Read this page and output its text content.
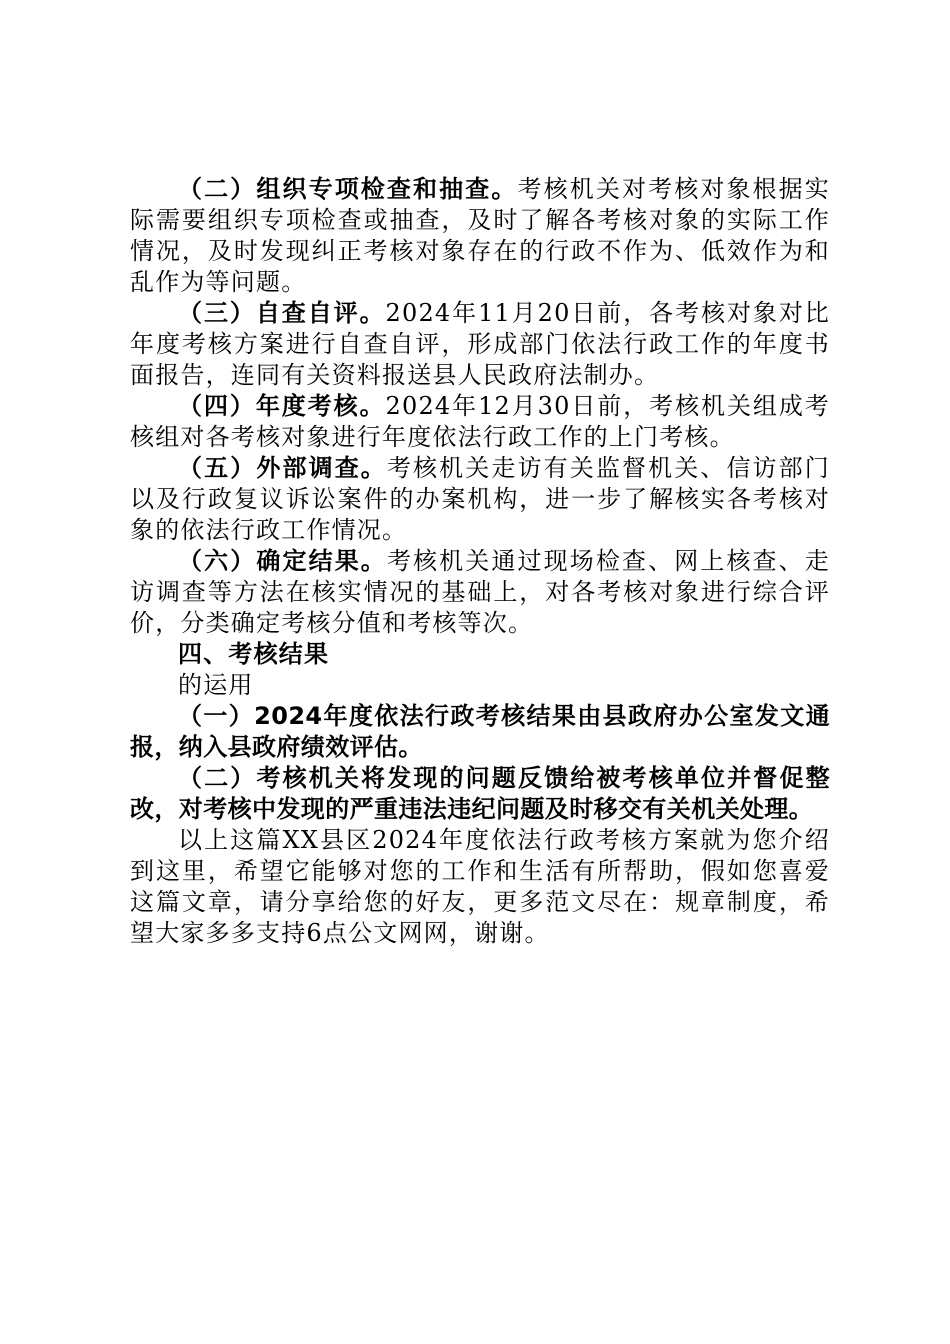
（二）组织专项检查和抽查。考核机关对考核对象根据实际需要组织专项检查或抽查，及时了解各考核对象的实际工作情况，及时发现纠正考核对象存在的行政不作为、低效作为和乱作为等问题。

（三）自查自评。2024年11月20日前，各考核对象对比年度考核方案进行自查自评，形成部门依法行政工作的年度书面报告，连同有关资料报送县人民政府法制办。

（四）年度考核。2024年12月30日前，考核机关组成考核组对各考核对象进行年度依法行政工作的上门考核。

（五）外部调查。考核机关走访有关监督机关、信访部门以及行政复议诉讼案件的办案机构，进一步了解核实各考核对象的依法行政工作情况。

（六）确定结果。考核机关通过现场检查、网上核查、走访调查等方法在核实情况的基础上，对各考核对象进行综合评价，分类确定考核分值和考核等次。

四、考核结果

的运用

（一）2024年度依法行政考核结果由县政府办公室发文通报，纳入县政府绩效评估。

（二）考核机关将发现的问题反馈给被考核单位并督促整改，对考核中发现的严重违法违纪问题及时移交有关机关处理。

以上这篇XX县区2024年度依法行政考核方案就为您介绍到这里，希望它能够对您的工作和生活有所帮助，假如您喜爱这篇文章，请分享给您的好友，更多范文尽在：规章制度，希望大家多多支持6点公文网网，谢谢。
